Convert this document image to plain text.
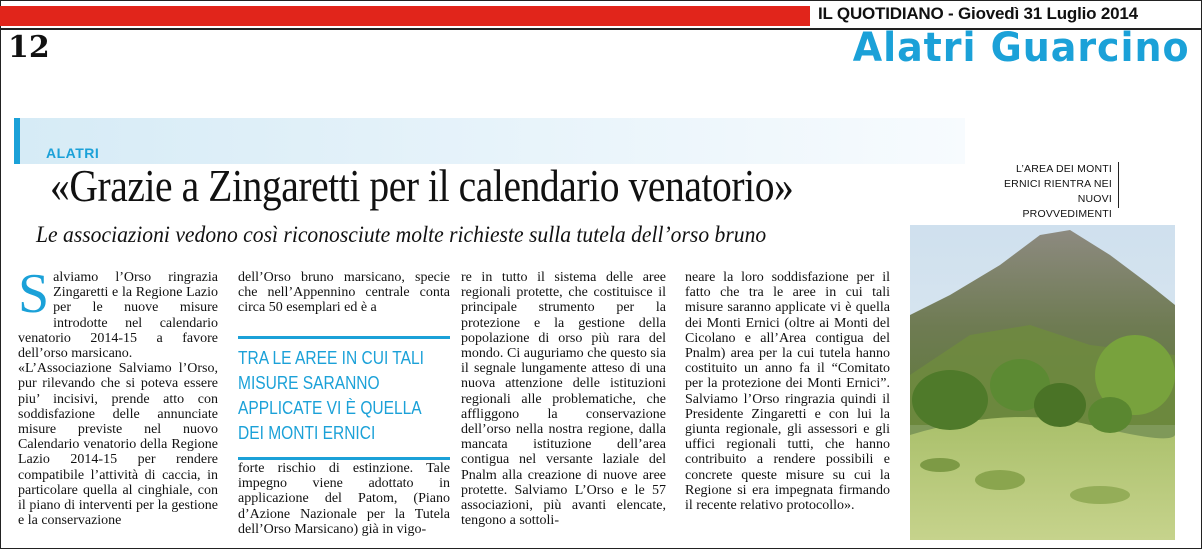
IL QUOTIDIANO - Giovedì 31 Luglio 2014
12	Alatri Guarcino
ALATRI
«Grazie a Zingaretti per il calendario venatorio»
Le associazioni vedono così riconosciute molte richieste sulla tutela dell’orso bruno
L’AREA DEI MONTI
ERNICI RIENTRA NEI
NUOVI PROVVEDIMENTI
S alviamo l’Orso ringrazia Zingaretti e la Regione Lazio per le nuove misure introdotte nel calendario venatorio 2014-15 a favore dell’orso marsicano.

«L’Associazione Salviamo l’Orso, pur rilevando che si poteva essere piu’ incisivi, prende atto con soddisfazione delle annunciate misure previste nel nuovo Calendario venatorio della Regione Lazio 2014-15 per rendere compatibile l’attività di caccia, in particolare quella al cinghiale, con il piano di interventi per la gestione e la conservazione

dell’Orso bruno marsicano, specie che nell’Appennino centrale conta circa 50 esemplari ed è a

TRA LE AREE IN CUI TALI
MISURE SARANNO
APPLICATE VI È QUELLA
DEI MONTI ERNICI

forte rischio di estinzione. Tale impegno viene adottato in applicazione del Patom, (Piano d’Azione Nazionale per la Tutela dell’Orso Marsicano) già in vigo-

re in tutto il sistema delle aree regionali protette, che costituisce il principale strumento per la protezione e la gestione della popolazione di orso più rara del mondo. Ci auguriamo che questo sia il segnale lungamente atteso di una nuova attenzione delle istituzioni regionali alle problematiche, che affliggono la conservazione dell’orso nella nostra regione, dalla mancata istituzione dell’area contigua nel versante laziale del Pnalm alla creazione di nuove aree protette. Salviamo L’Orso e le 57 associazioni, più avanti elencate, tengono a sottoli-

neare la loro soddisfazione per il fatto che tra le aree in cui tali misure saranno applicate vi è quella dei Monti Ernici (oltre ai Monti del Cicolano e all’Area contigua del Pnalm) area per la cui tutela hanno costituito un anno fa il “Comitato per la protezione dei Monti Ernici”. Salviamo l’Orso ringrazia quindi il Presidente Zingaretti e con lui la giunta regionale, gli assessori e gli uffici regionali tutti, che hanno contribuito a rendere possibili e concrete queste misure su cui la Regione si era impegnata firmando il recente relativo protocollo».
